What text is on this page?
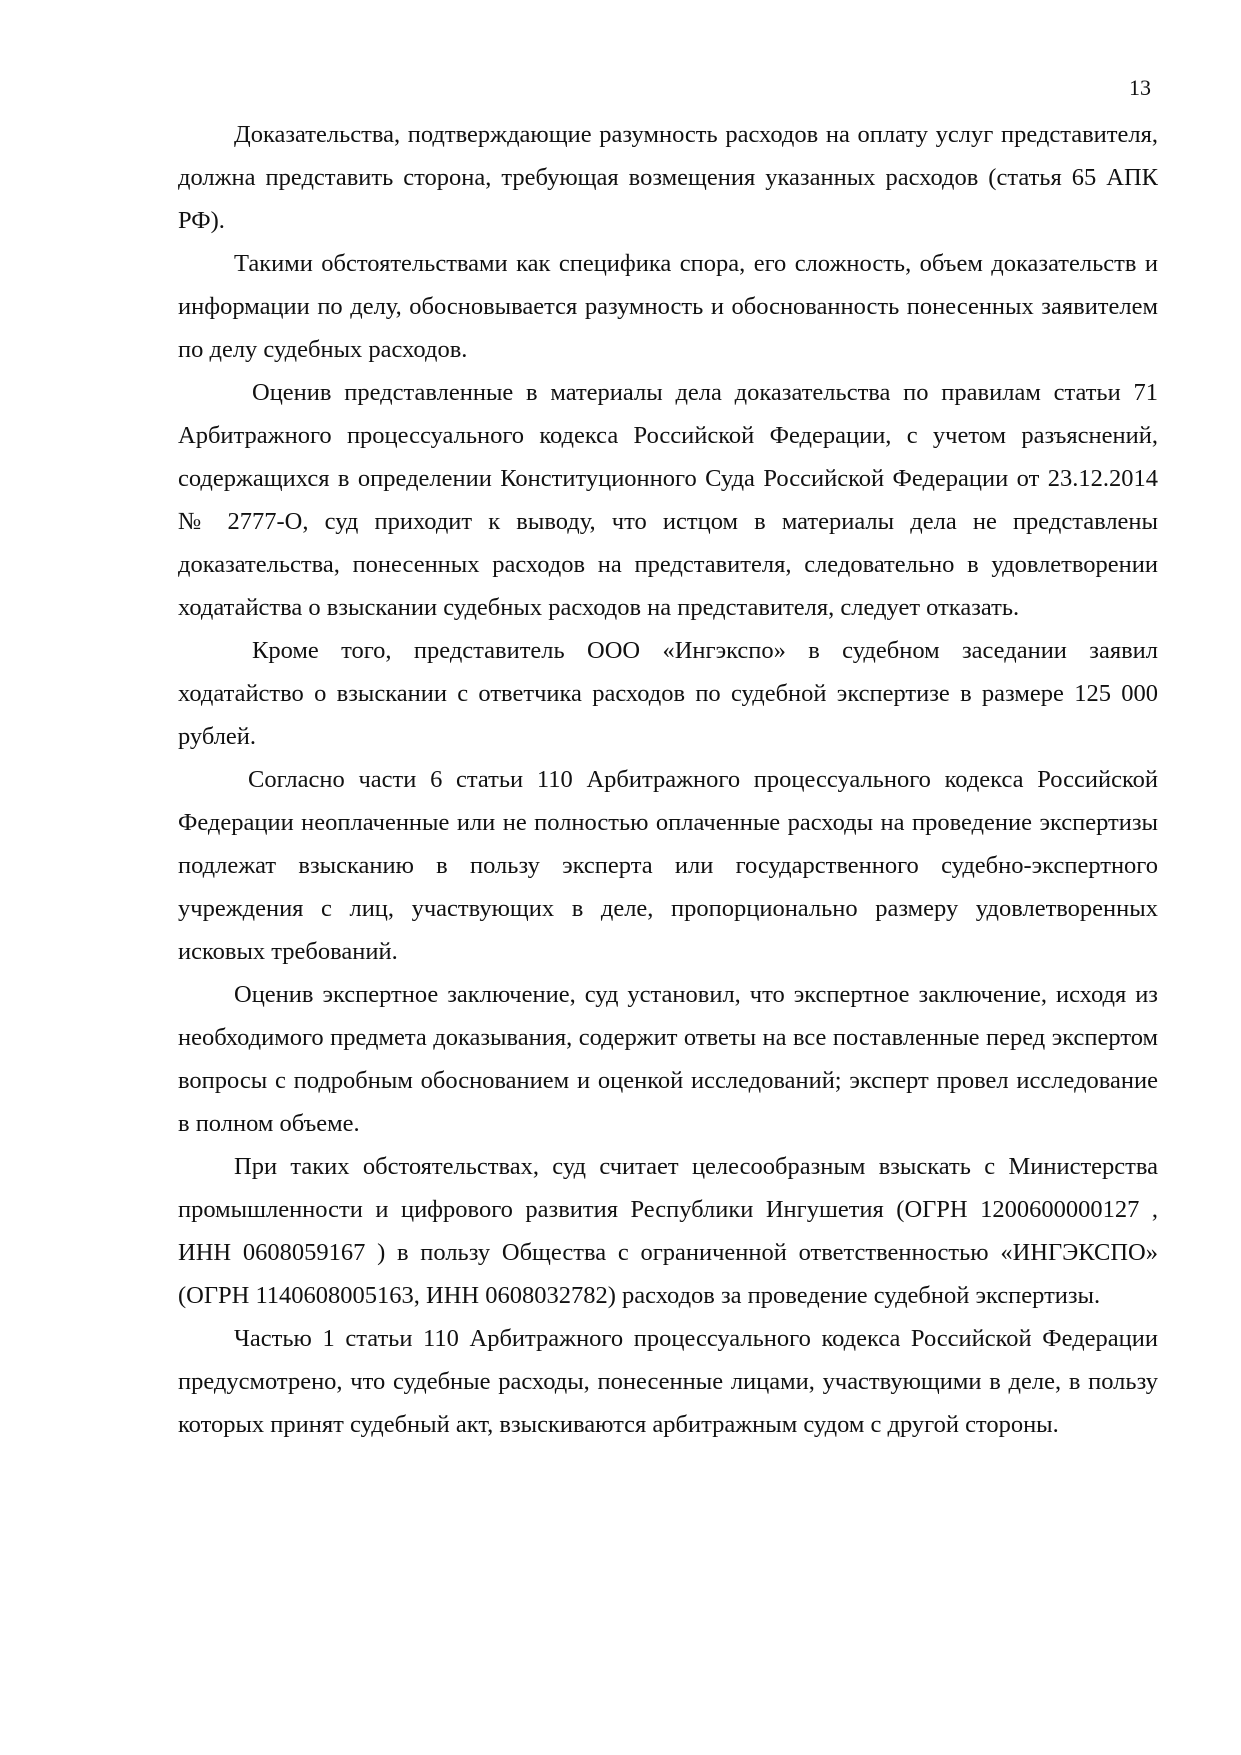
13

Доказательства, подтверждающие разумность расходов на оплату услуг представителя, должна представить сторона, требующая возмещения указанных расходов (статья 65 АПК РФ).

Такими обстоятельствами как специфика спора, его сложность, объем доказательств и информации по делу, обосновывается разумность и обоснованность понесенных заявителем по делу судебных расходов.

Оценив представленные в материалы дела доказательства по правилам статьи 71 Арбитражного процессуального кодекса Российской Федерации, с учетом разъяснений, содержащихся в определении Конституционного Суда Российской Федерации от 23.12.2014 № 2777-О, суд приходит к выводу, что истцом в материалы дела не представлены доказательства, понесенных расходов на представителя, следовательно в удовлетворении ходатайства о взыскании судебных расходов на представителя, следует отказать.

Кроме того, представитель ООО «Ингэкспо» в судебном заседании заявил ходатайство о взыскании с ответчика расходов по судебной экспертизе в размере 125 000 рублей.

Согласно части 6 статьи 110 Арбитражного процессуального кодекса Российской Федерации неоплаченные или не полностью оплаченные расходы на проведение экспертизы подлежат взысканию в пользу эксперта или государственного судебно-экспертного учреждения с лиц, участвующих в деле, пропорционально размеру удовлетворенных исковых требований.

Оценив экспертное заключение, суд установил, что экспертное заключение, исходя из необходимого предмета доказывания, содержит ответы на все поставленные перед экспертом вопросы с подробным обоснованием и оценкой исследований; эксперт провел исследование в полном объеме.

При таких обстоятельствах, суд считает целесообразным взыскать с Министерства промышленности и цифрового развития Республики Ингушетия (ОГРН 1200600000127 , ИНН 0608059167 ) в пользу Общества с ограниченной ответственностью «ИНГЭКСПО» (ОГРН 1140608005163, ИНН 0608032782) расходов за проведение судебной экспертизы.

Частью 1 статьи 110 Арбитражного процессуального кодекса Российской Федерации предусмотрено, что судебные расходы, понесенные лицами, участвующими в деле, в пользу которых принят судебный акт, взыскиваются арбитражным судом с другой стороны.
